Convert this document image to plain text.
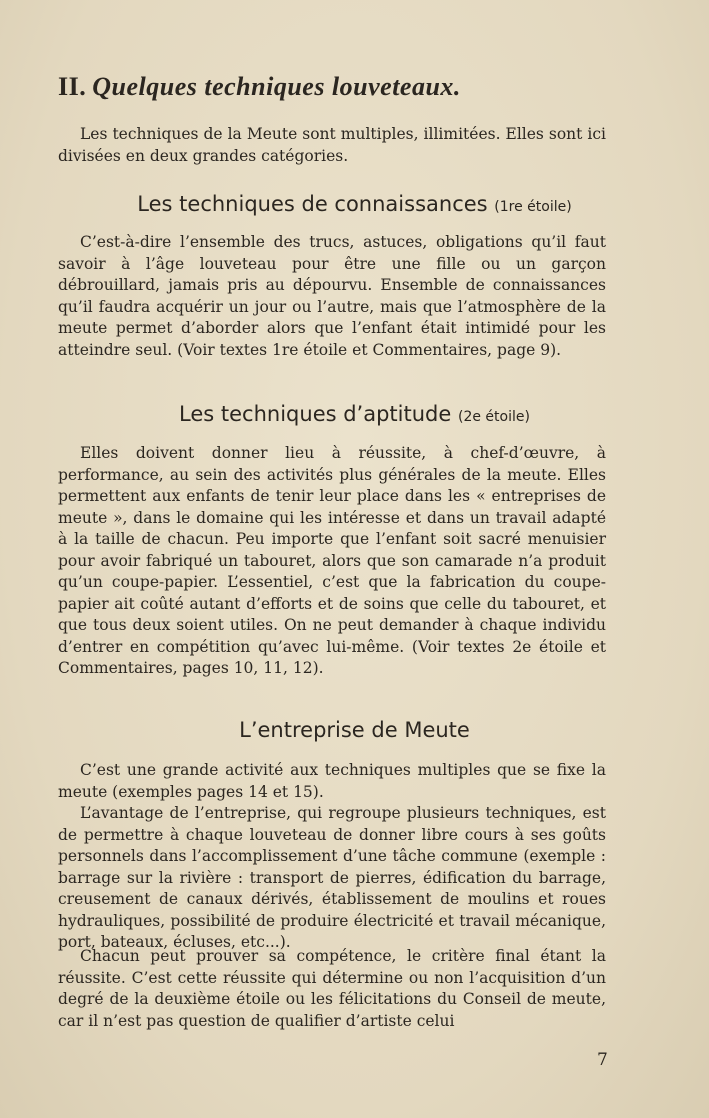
II. Quelques techniques louveteaux.

Les techniques de la Meute sont multiples, illimitées. Elles sont ici divisées en deux grandes catégories.

Les techniques de connaissances (1re étoile)

C’est-à-dire l’ensemble des trucs, astuces, obligations qu’il faut savoir à l’âge louveteau pour être une fille ou un garçon débrouillard, jamais pris au dépourvu. Ensemble de connaissances qu’il faudra acquérir un jour ou l’autre, mais que l’atmosphère de la meute permet d’aborder alors que l’enfant était intimidé pour les atteindre seul. (Voir textes 1re étoile et Commentaires, page 9).

Les techniques d’aptitude (2e étoile)

Elles doivent donner lieu à réussite, à chef-d’œuvre, à performance, au sein des activités plus générales de la meute. Elles permettent aux enfants de tenir leur place dans les « entreprises de meute », dans le domaine qui les intéresse et dans un travail adapté à la taille de chacun. Peu importe que l’enfant soit sacré menuisier pour avoir fabriqué un tabouret, alors que son camarade n’a produit qu’un coupe-papier. L’essentiel, c’est que la fabrication du coupe-papier ait coûté autant d’efforts et de soins que celle du tabouret, et que tous deux soient utiles. On ne peut demander à chaque individu d’entrer en compétition qu’avec lui-même. (Voir textes 2e étoile et Commentaires, pages 10, 11, 12).

L’entreprise de Meute

C’est une grande activité aux techniques multiples que se fixe la meute (exemples pages 14 et 15).

L’avantage de l’entreprise, qui regroupe plusieurs techniques, est de permettre à chaque louveteau de donner libre cours à ses goûts personnels dans l’accomplissement d’une tâche commune (exemple : barrage sur la rivière : transport de pierres, édification du barrage, creusement de canaux dérivés, établissement de moulins et roues hydrauliques, possibilité de produire électricité et travail mécanique, port, bateaux, écluses, etc...).

Chacun peut prouver sa compétence, le critère final étant la réussite. C’est cette réussite qui détermine ou non l’acquisition d’un degré de la deuxième étoile ou les félicitations du Conseil de meute, car il n’est pas question de qualifier d’artiste celui

7
